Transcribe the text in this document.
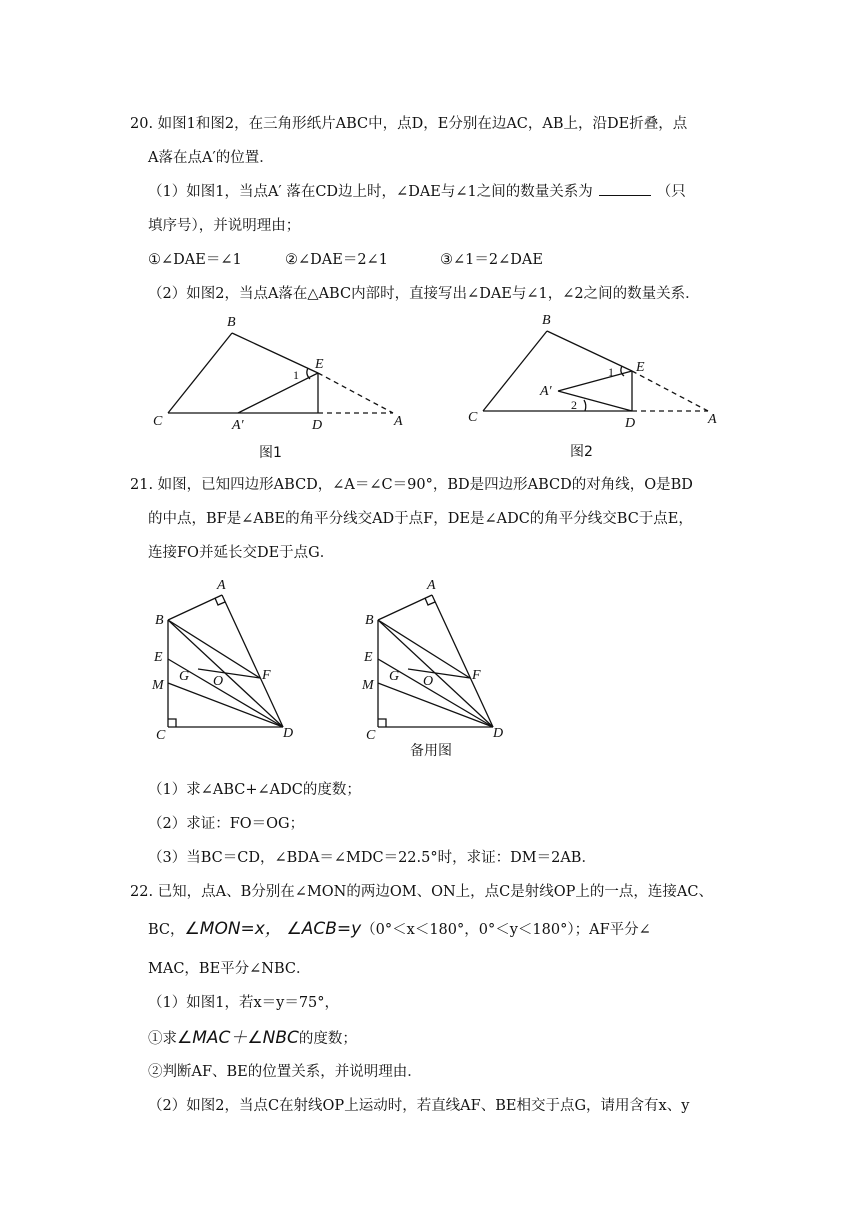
20. 如图1和图2，在三角形纸片ABC中，点D，E分别在边AC，AB上，沿DE折叠，点
A落在点A′的位置．
（1）如图1，当点A′ 落在CD边上时，∠DAE与∠1之间的数量关系为	（只
填序号），并说明理由；
①∠DAE＝∠1	②∠DAE＝2∠1	③∠1＝2∠DAE
（2）如图2，当点A落在△ABC内部时，直接写出∠DAE与∠1，∠2之间的数量关系．
B
E
1
C	A′	D	A
图1
B
E
1
A′
2
C	D	A
图2
21. 如图，已知四边形ABCD，∠A＝∠C＝90°，BD是四边形ABCD的对角线，O是BD
的中点，BF是∠ABE的角平分线交AD于点F，DE是∠ADC的角平分线交BC于点E，
连接FO并延长交DE于点G．
A
B
E
M
G O	F
C	D
A
B
E
M
G O	F
C	D
备用图
（1）求∠ABC+∠ADC的度数；
（2）求证：FO＝OG；
（3）当BC＝CD，∠BDA＝∠MDC＝22.5°时，求证：DM＝2AB．
22. 已知，点A、B分别在∠MON的两边OM、ON上，点C是射线OP上的一点，连接AC、
BC，∠MON=x， ∠ACB=y（0°＜x＜180°，0°＜y＜180°）；AF平分∠
MAC，BE平分∠NBC．
（1）如图1，若x＝y＝75°，
①求∠MAC＋∠NBC的度数；
②判断AF、BE的位置关系，并说明理由．
（2）如图2，当点C在射线OP上运动时，若直线AF、BE相交于点G，请用含有x、y
